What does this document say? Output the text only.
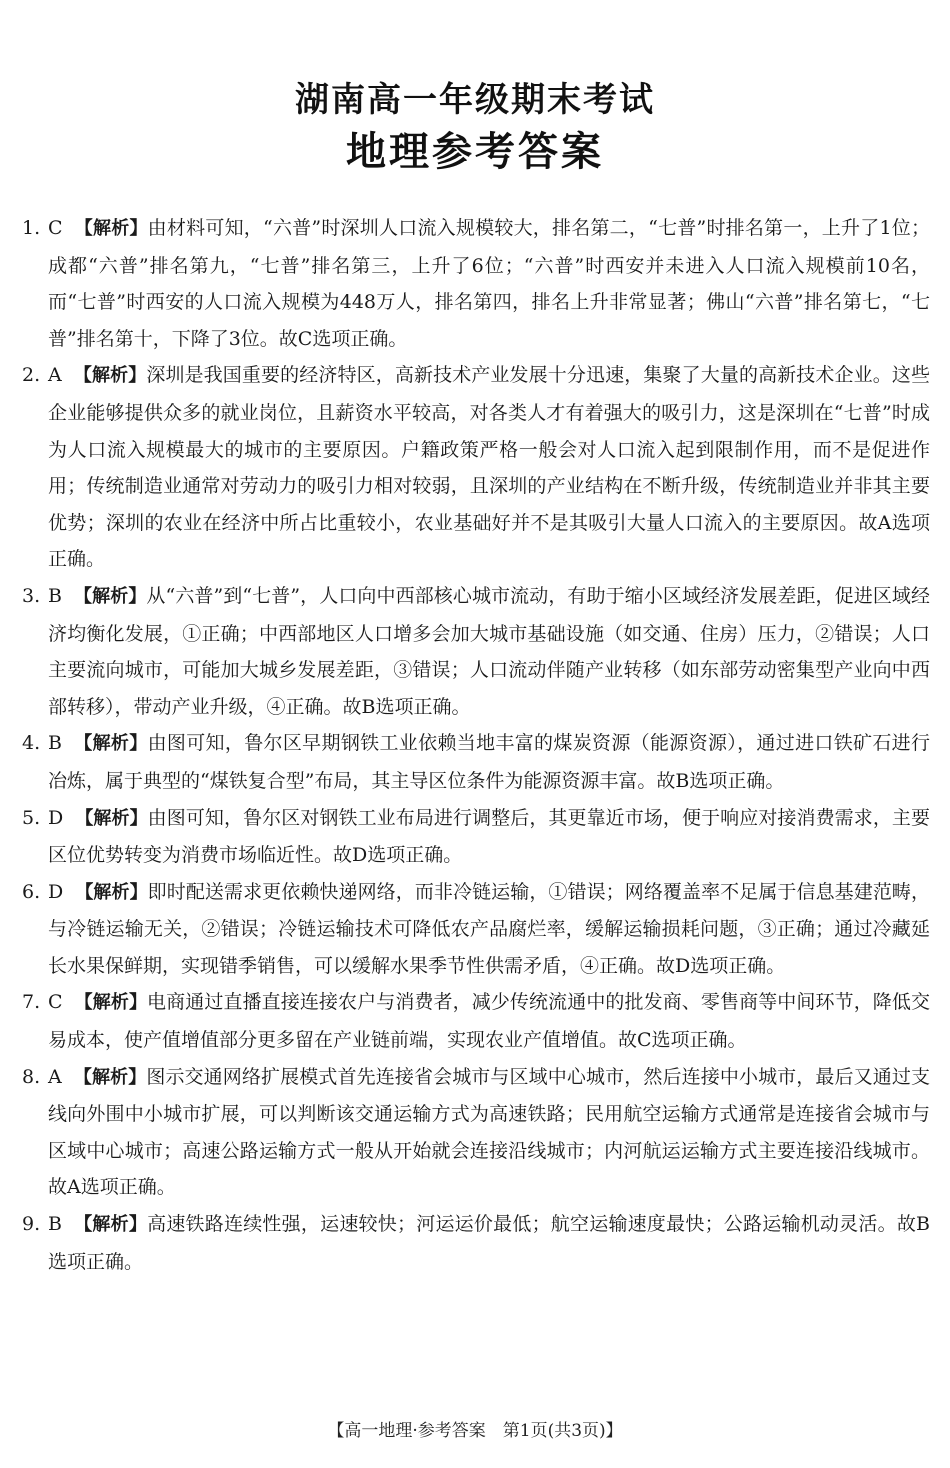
湖南高一年级期末考试
地理参考答案
1. C 【解析】由材料可知，“六普”时深圳人口流入规模较大，排名第二，“七普”时排名第一，上升了1位；成都“六普”排名第九，“七普”排名第三，上升了6位；“六普”时西安并未进入人口流入规模前10名，而“七普”时西安的人口流入规模为448万人，排名第四，排名上升非常显著；佛山“六普”排名第七，“七普”排名第十，下降了3位。故C选项正确。
2. A 【解析】深圳是我国重要的经济特区，高新技术产业发展十分迅速，集聚了大量的高新技术企业。这些企业能够提供众多的就业岗位，且薪资水平较高，对各类人才有着强大的吸引力，这是深圳在“七普”时成为人口流入规模最大的城市的主要原因。户籍政策严格一般会对人口流入起到限制作用，而不是促进作用；传统制造业通常对劳动力的吸引力相对较弱，且深圳的产业结构在不断升级，传统制造业并非其主要优势；深圳的农业在经济中所占比重较小，农业基础好并不是其吸引大量人口流入的主要原因。故A选项正确。
3. B 【解析】从“六普”到“七普”，人口向中西部核心城市流动，有助于缩小区域经济发展差距，促进区域经济均衡化发展，①正确；中西部地区人口增多会加大城市基础设施（如交通、住房）压力，②错误；人口主要流向城市，可能加大城乡发展差距，③错误；人口流动伴随产业转移（如东部劳动密集型产业向中西部转移），带动产业升级，④正确。故B选项正确。
4. B 【解析】由图可知，鲁尔区早期钢铁工业依赖当地丰富的煤炭资源（能源资源），通过进口铁矿石进行冶炼，属于典型的“煤铁复合型”布局，其主导区位条件为能源资源丰富。故B选项正确。
5. D 【解析】由图可知，鲁尔区对钢铁工业布局进行调整后，其更靠近市场，便于响应对接消费需求，主要区位优势转变为消费市场临近性。故D选项正确。
6. D 【解析】即时配送需求更依赖快递网络，而非冷链运输，①错误；网络覆盖率不足属于信息基建范畴，与冷链运输无关，②错误；冷链运输技术可降低农产品腐烂率，缓解运输损耗问题，③正确；通过冷藏延长水果保鲜期，实现错季销售，可以缓解水果季节性供需矛盾，④正确。故D选项正确。
7. C 【解析】电商通过直播直接连接农户与消费者，减少传统流通中的批发商、零售商等中间环节，降低交易成本，使产值增值部分更多留在产业链前端，实现农业产值增值。故C选项正确。
8. A 【解析】图示交通网络扩展模式首先连接省会城市与区域中心城市，然后连接中小城市，最后又通过支线向外围中小城市扩展，可以判断该交通运输方式为高速铁路；民用航空运输方式通常是连接省会城市与区域中心城市；高速公路运输方式一般从开始就会连接沿线城市；内河航运运输方式主要连接沿线城市。故A选项正确。
9. B 【解析】高速铁路连续性强，运速较快；河运运价最低；航空运输速度最快；公路运输机动灵活。故B选项正确。
【高一地理·参考答案　第1页(共3页)】
